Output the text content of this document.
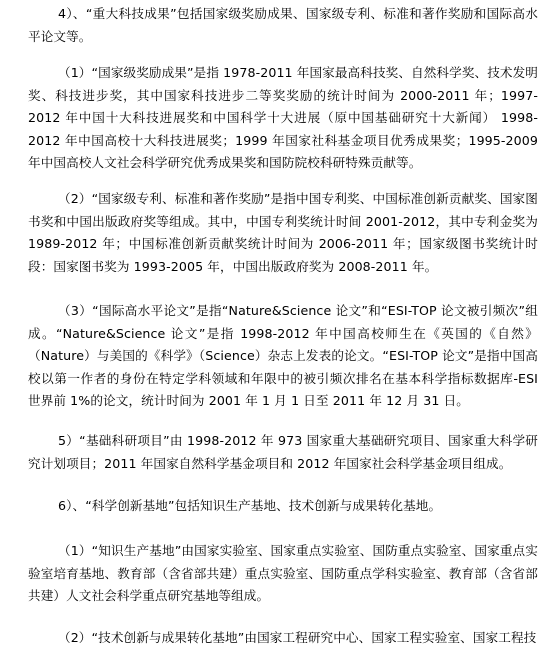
4）、“重大科技成果”包括国家级奖励成果、国家级专利、标准和著作奖励和国际高水平论文等。

（1）“国家级奖励成果”是指 1978-2011 年国家最高科技奖、自然科学奖、技术发明奖、科技进步奖，其中国家科技进步二等奖奖励的统计时间为 2000-2011 年；1997-2012 年中国十大科技进展奖和中国科学十大进展（原中国基础研究十大新闻） 1998-2012 年中国高校十大科技进展奖；1999 年国家社科基金项目优秀成果奖；1995-2009 年中国高校人文社会科学研究优秀成果奖和国防院校科研特殊贡献等。

（2）“国家级专利、标准和著作奖励”是指中国专利奖、中国标准创新贡献奖、国家图书奖和中国出版政府奖等组成。其中，中国专利奖统计时间 2001-2012，其中专利金奖为 1989-2012 年；中国标准创新贡献奖统计时间为 2006-2011 年；国家级图书奖统计时段：国家图书奖为 1993-2005 年，中国出版政府奖为 2008-2011 年。

（3）“国际高水平论文”是指“Nature&Science 论文”和“ESI-TOP 论文被引频次”组成。“Nature&Science 论文”是指 1998-2012 年中国高校师生在《英国的《自然》（Nature）与美国的《科学》（Science）杂志上发表的论文。“ESI-TOP 论文”是指中国高校以第一作者的身份在特定学科领域和年限中的被引频次排名在基本科学指标数据库-ESI 世界前 1%的论文，统计时间为 2001 年 1 月 1 日至 2011 年 12 月 31 日。

5）“基础科研项目”由 1998-2012 年 973 国家重大基础研究项目、国家重大科学研究计划项目；2011 年国家自然科学基金项目和 2012 年国家社会科学基金项目组成。

6）、“科学创新基地”包括知识生产基地、技术创新与成果转化基地。

（1）“知识生产基地”由国家实验室、国家重点实验室、国防重点实验室、国家重点实验室培育基地、教育部（含省部共建）重点实验室、国防重点学科实验室、教育部（含省部共建）人文社会科学重点研究基地等组成。

（2）“技术创新与成果转化基地”由国家工程研究中心、国家工程实验室、国家工程技
